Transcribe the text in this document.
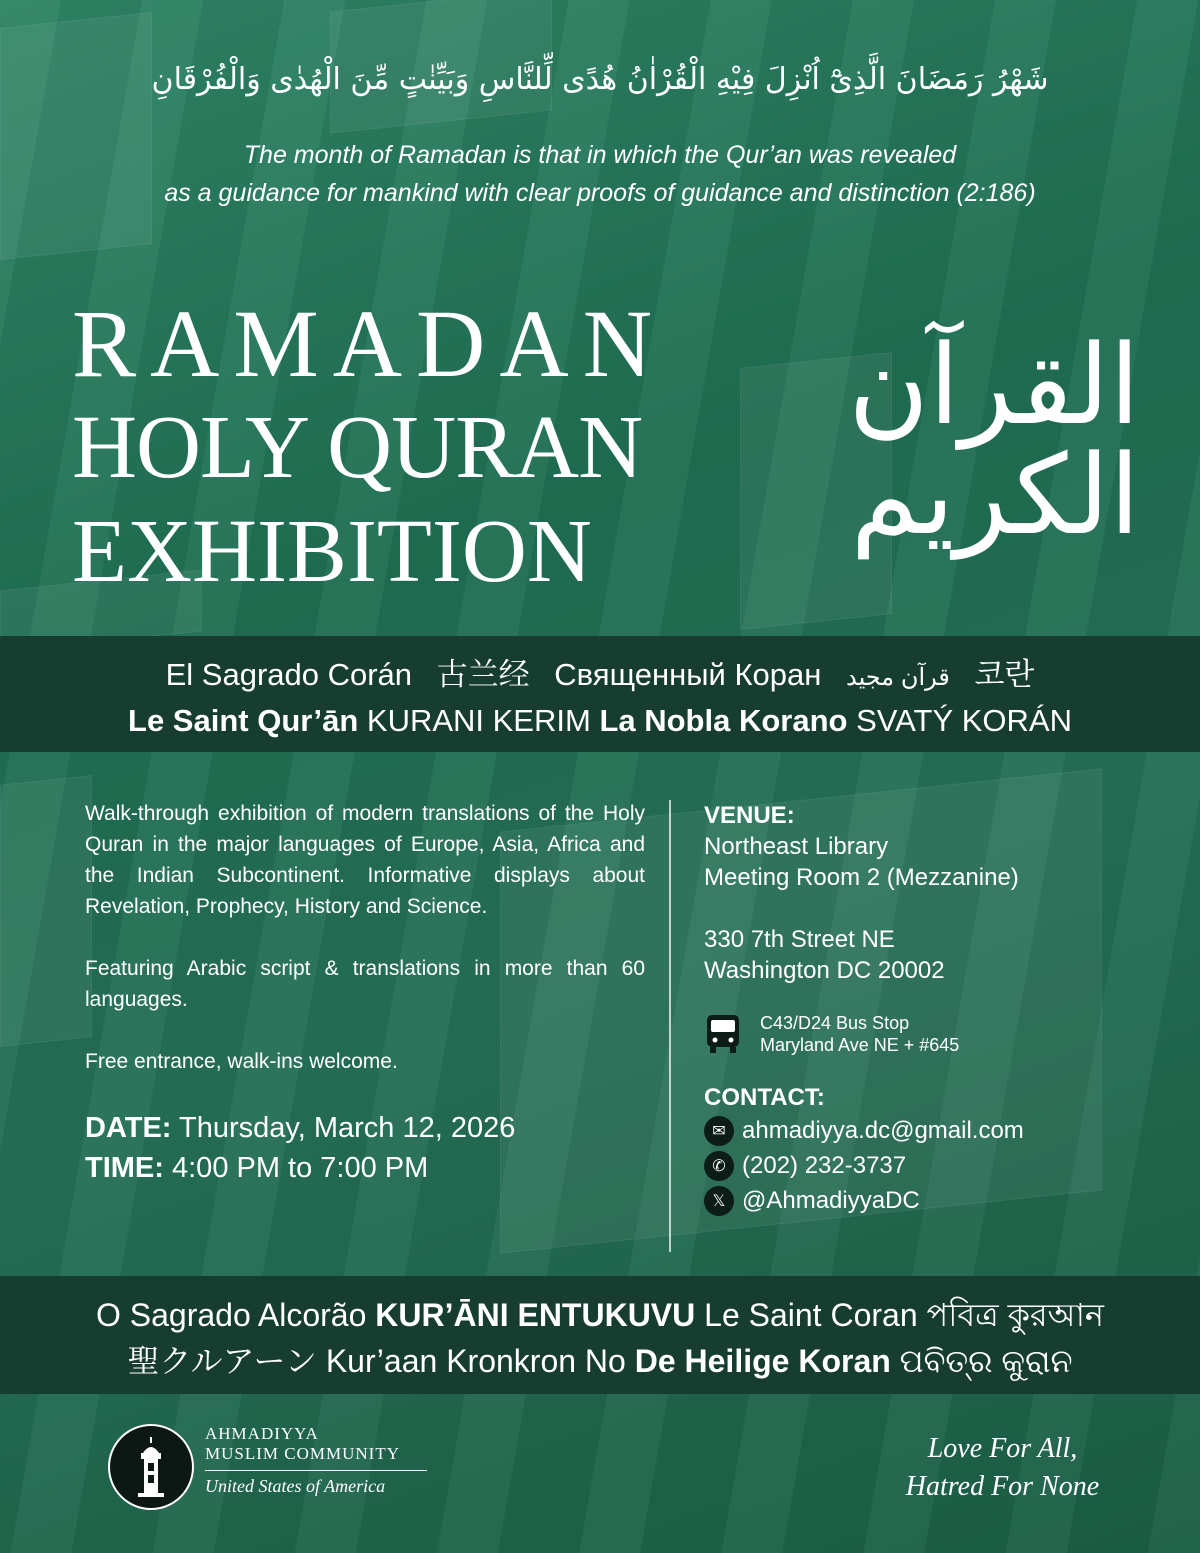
شَهْرُ رَمَضَانَ الَّذِىْٓ اُنْزِلَ فِيْهِ الْقُرْاٰنُ هُدًى لِّلنَّاسِ وَبَيِّنٰتٍ مِّنَ الْهُدٰى وَالْفُرْقَانِ
The month of Ramadan is that in which the Qur’an was revealed
as a guidance for mankind with clear proofs of guidance and distinction (2:186)
RAMADAN
HOLY QURAN
EXHIBITION
القرآن الكريم
El Sagrado Corán 古兰经 Священный Коран قرآن مجيد 코란
Le Saint Qur’ān KURANI KERIM La Nobla Korano SVATÝ KORÁN

Walk-through exhibition of modern translations of the Holy Quran in the major languages of Europe, Asia, Africa and the Indian Subcontinent. Informative displays about Revelation, Prophecy, History and Science.

Featuring Arabic script & translations in more than 60 languages.

Free entrance, walk-ins welcome.

DATE: Thursday, March 12, 2026
TIME: 4:00 PM to 7:00 PM
VENUE:
Northeast Library
Meeting Room 2 (Mezzanine)
330 7th Street NE
Washington DC 20002
C43/D24 Bus Stop
Maryland Ave NE + #645
CONTACT:
✉ ahmadiyya.dc@gmail.com
✆ (202) 232-3737
𝕏 @AhmadiyyaDC
O Sagrado Alcorão KUR’ĀNI ENTUKUVU Le Saint Coran পবিত্র কুরআন
聖クルアーン Kur’aan Kronkron No De Heilige Koran ପବିତ୍ର କୁରାନ
AHMADIYYA
MUSLIM COMMUNITY
United States of America
Love For All,
Hatred For None
